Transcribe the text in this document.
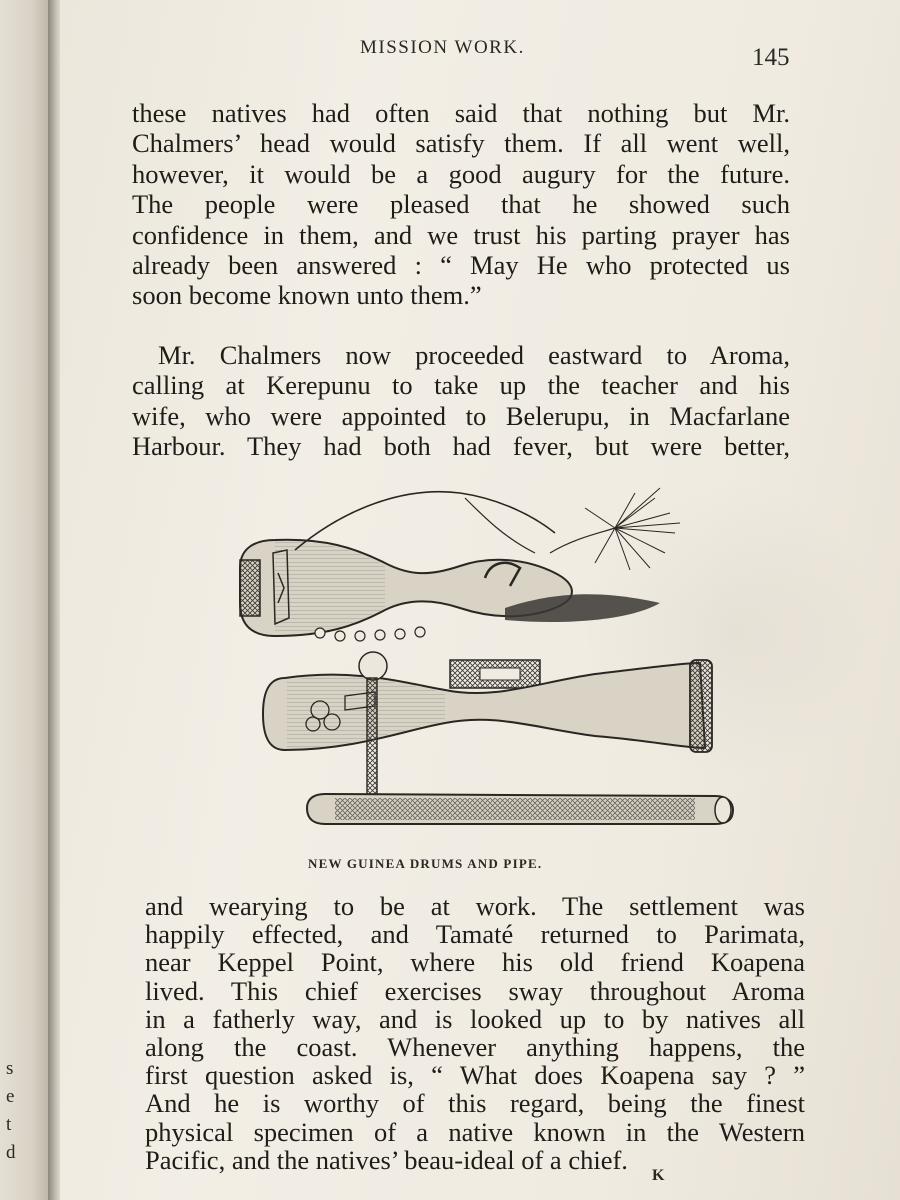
s
e
t
d
MISSION WORK.	145
these natives had often said that nothing but Mr.
Chalmers’ head would satisfy them. If all went well,
however, it would be a good augury for the future.
The people were pleased that he showed such
confidence in them, and we trust his parting prayer has
already been answered : “ May He who protected us
soon become known unto them.”
Mr. Chalmers now proceeded eastward to Aroma,
calling at Kerepunu to take up the teacher and his
wife, who were appointed to Belerupu, in Macfarlane
Harbour. They had both had fever, but were better,
NEW GUINEA DRUMS AND PIPE.
and wearying to be at work. The settlement was
happily effected, and Tamaté returned to Parimata,
near Keppel Point, where his old friend Koapena
lived. This chief exercises sway throughout Aroma
in a fatherly way, and is looked up to by natives all
along the coast. Whenever anything happens, the
first question asked is, “ What does Koapena say ? ”
And he is worthy of this regard, being the finest
physical specimen of a native known in the Western
Pacific, and the natives’ beau-ideal of a chief.
K
